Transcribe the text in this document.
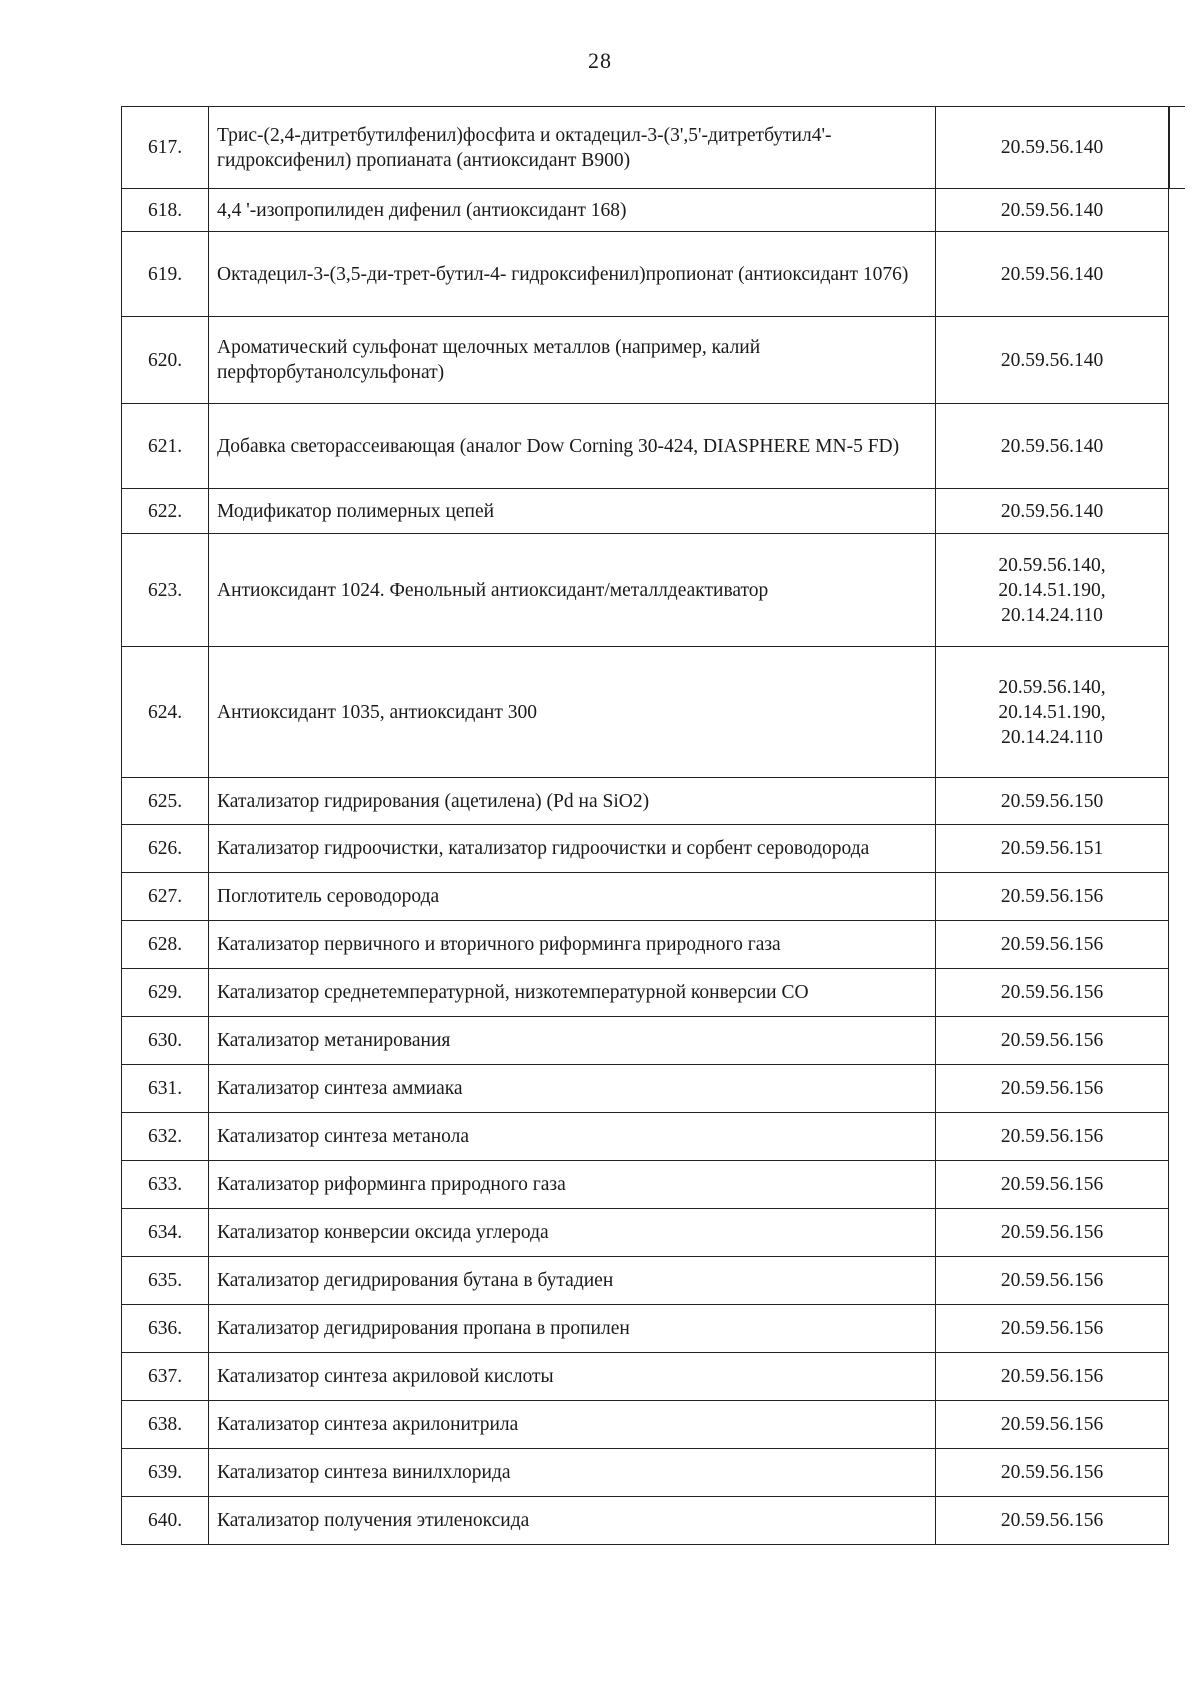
28
617.	Трис-(2,4-дитретбутилфенил)фосфита и октадецил-3-(3',5'-дитретбутил4'-гидроксифенил) пропианата (антиоксидант В900)	20.59.56.140
618.	4,4 '-изопропилиден дифенил (антиоксидант 168)	20.59.56.140
619.	Октадецил-3-(3,5-ди-трет-бутил-4- гидроксифенил)пропионат (антиоксидант 1076)	20.59.56.140
620.	Ароматический сульфонат щелочных металлов (например, калий перфторбутанолсульфонат)	20.59.56.140
621.	Добавка светорассеивающая (аналог Dow Corning 30-424, DIASPHERE MN-5 FD)	20.59.56.140
622.	Модификатор полимерных цепей	20.59.56.140
623.	Антиоксидант 1024. Фенольный антиоксидант/металлдеактиватор	20.59.56.140,
20.14.51.190,
20.14.24.110
624.	Антиоксидант 1035, антиоксидант 300	20.59.56.140,
20.14.51.190,
20.14.24.110
625.	Катализатор гидрирования (ацетилена) (Pd на SiO2)	20.59.56.150
626.	Катализатор гидроочистки, катализатор гидроочистки и сорбент сероводорода	20.59.56.151
627.	Поглотитель сероводорода	20.59.56.156
628.	Катализатор первичного и вторичного риформинга природного газа	20.59.56.156
629.	Катализатор среднетемпературной, низкотемпературной конверсии CO	20.59.56.156
630.	Катализатор метанирования	20.59.56.156
631.	Катализатор синтеза аммиака	20.59.56.156
632.	Катализатор синтеза метанола	20.59.56.156
633.	Катализатор риформинга природного газа	20.59.56.156
634.	Катализатор конверсии оксида углерода	20.59.56.156
635.	Катализатор дегидрирования бутана в бутадиен	20.59.56.156
636.	Катализатор дегидрирования пропана в пропилен	20.59.56.156
637.	Катализатор синтеза акриловой кислоты	20.59.56.156
638.	Катализатор синтеза акрилонитрила	20.59.56.156
639.	Катализатор синтеза винилхлорида	20.59.56.156
640.	Катализатор получения этиленоксида	20.59.56.156
